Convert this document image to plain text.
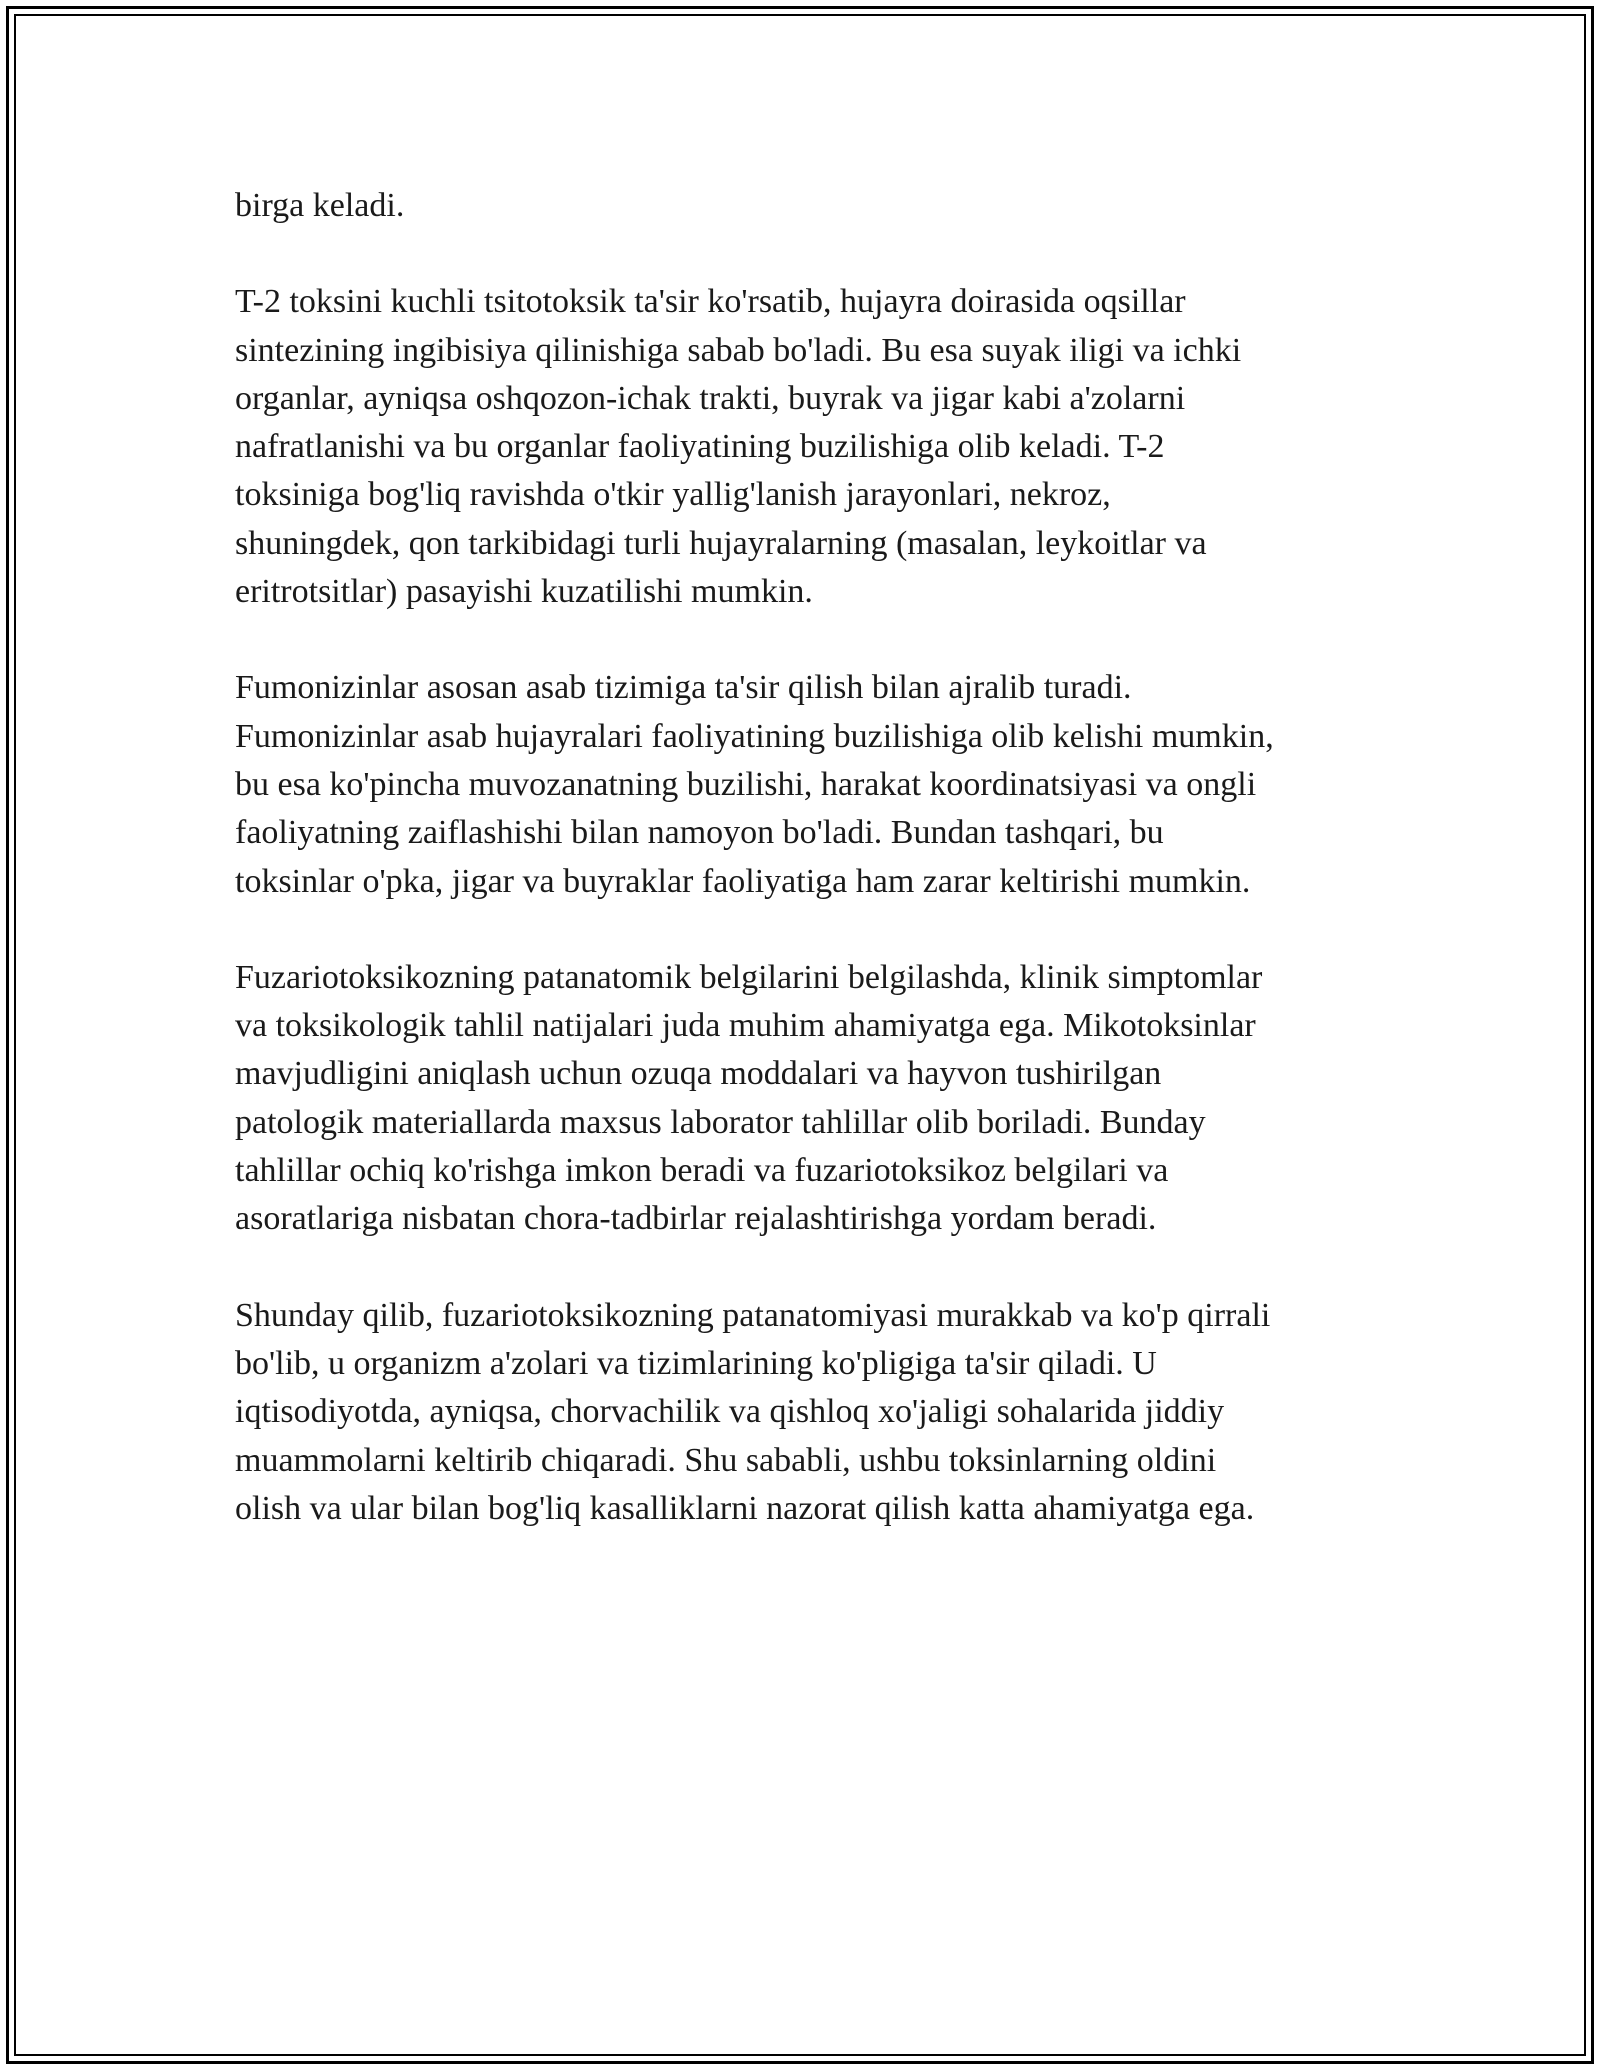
birga keladi.

T-2 toksini kuchli tsitotoksik ta'sir ko'rsatib, hujayra doirasida oqsillar
sintezining ingibisiya qilinishiga sabab bo'ladi. Bu esa suyak iligi va ichki
organlar, ayniqsa oshqozon-ichak trakti, buyrak va jigar kabi a'zolarni
nafratlanishi va bu organlar faoliyatining buzilishiga olib keladi. T-2
toksiniga bog'liq ravishda o'tkir yallig'lanish jarayonlari, nekroz,
shuningdek, qon tarkibidagi turli hujayralarning (masalan, leykoitlar va
eritrotsitlar) pasayishi kuzatilishi mumkin.

Fumonizinlar asosan asab tizimiga ta'sir qilish bilan ajralib turadi.
Fumonizinlar asab hujayralari faoliyatining buzilishiga olib kelishi mumkin,
bu esa ko'pincha muvozanatning buzilishi, harakat koordinatsiyasi va ongli
faoliyatning zaiflashishi bilan namoyon bo'ladi. Bundan tashqari, bu
toksinlar o'pka, jigar va buyraklar faoliyatiga ham zarar keltirishi mumkin.

Fuzariotoksikozning patanatomik belgilarini belgilashda, klinik simptomlar
va toksikologik tahlil natijalari juda muhim ahamiyatga ega. Mikotoksinlar
mavjudligini aniqlash uchun ozuqa moddalari va hayvon tushirilgan
patologik materiallarda maxsus laborator tahlillar olib boriladi. Bunday
tahlillar ochiq ko'rishga imkon beradi va fuzariotoksikoz belgilari va
asoratlariga nisbatan chora-tadbirlar rejalashtirishga yordam beradi.

Shunday qilib, fuzariotoksikozning patanatomiyasi murakkab va ko'p qirrali
bo'lib, u organizm a'zolari va tizimlarining ko'pligiga ta'sir qiladi. U
iqtisodiyotda, ayniqsa, chorvachilik va qishloq xo'jaligi sohalarida jiddiy
muammolarni keltirib chiqaradi. Shu sababli, ushbu toksinlarning oldini
olish va ular bilan bog'liq kasalliklarni nazorat qilish katta ahamiyatga ega.
